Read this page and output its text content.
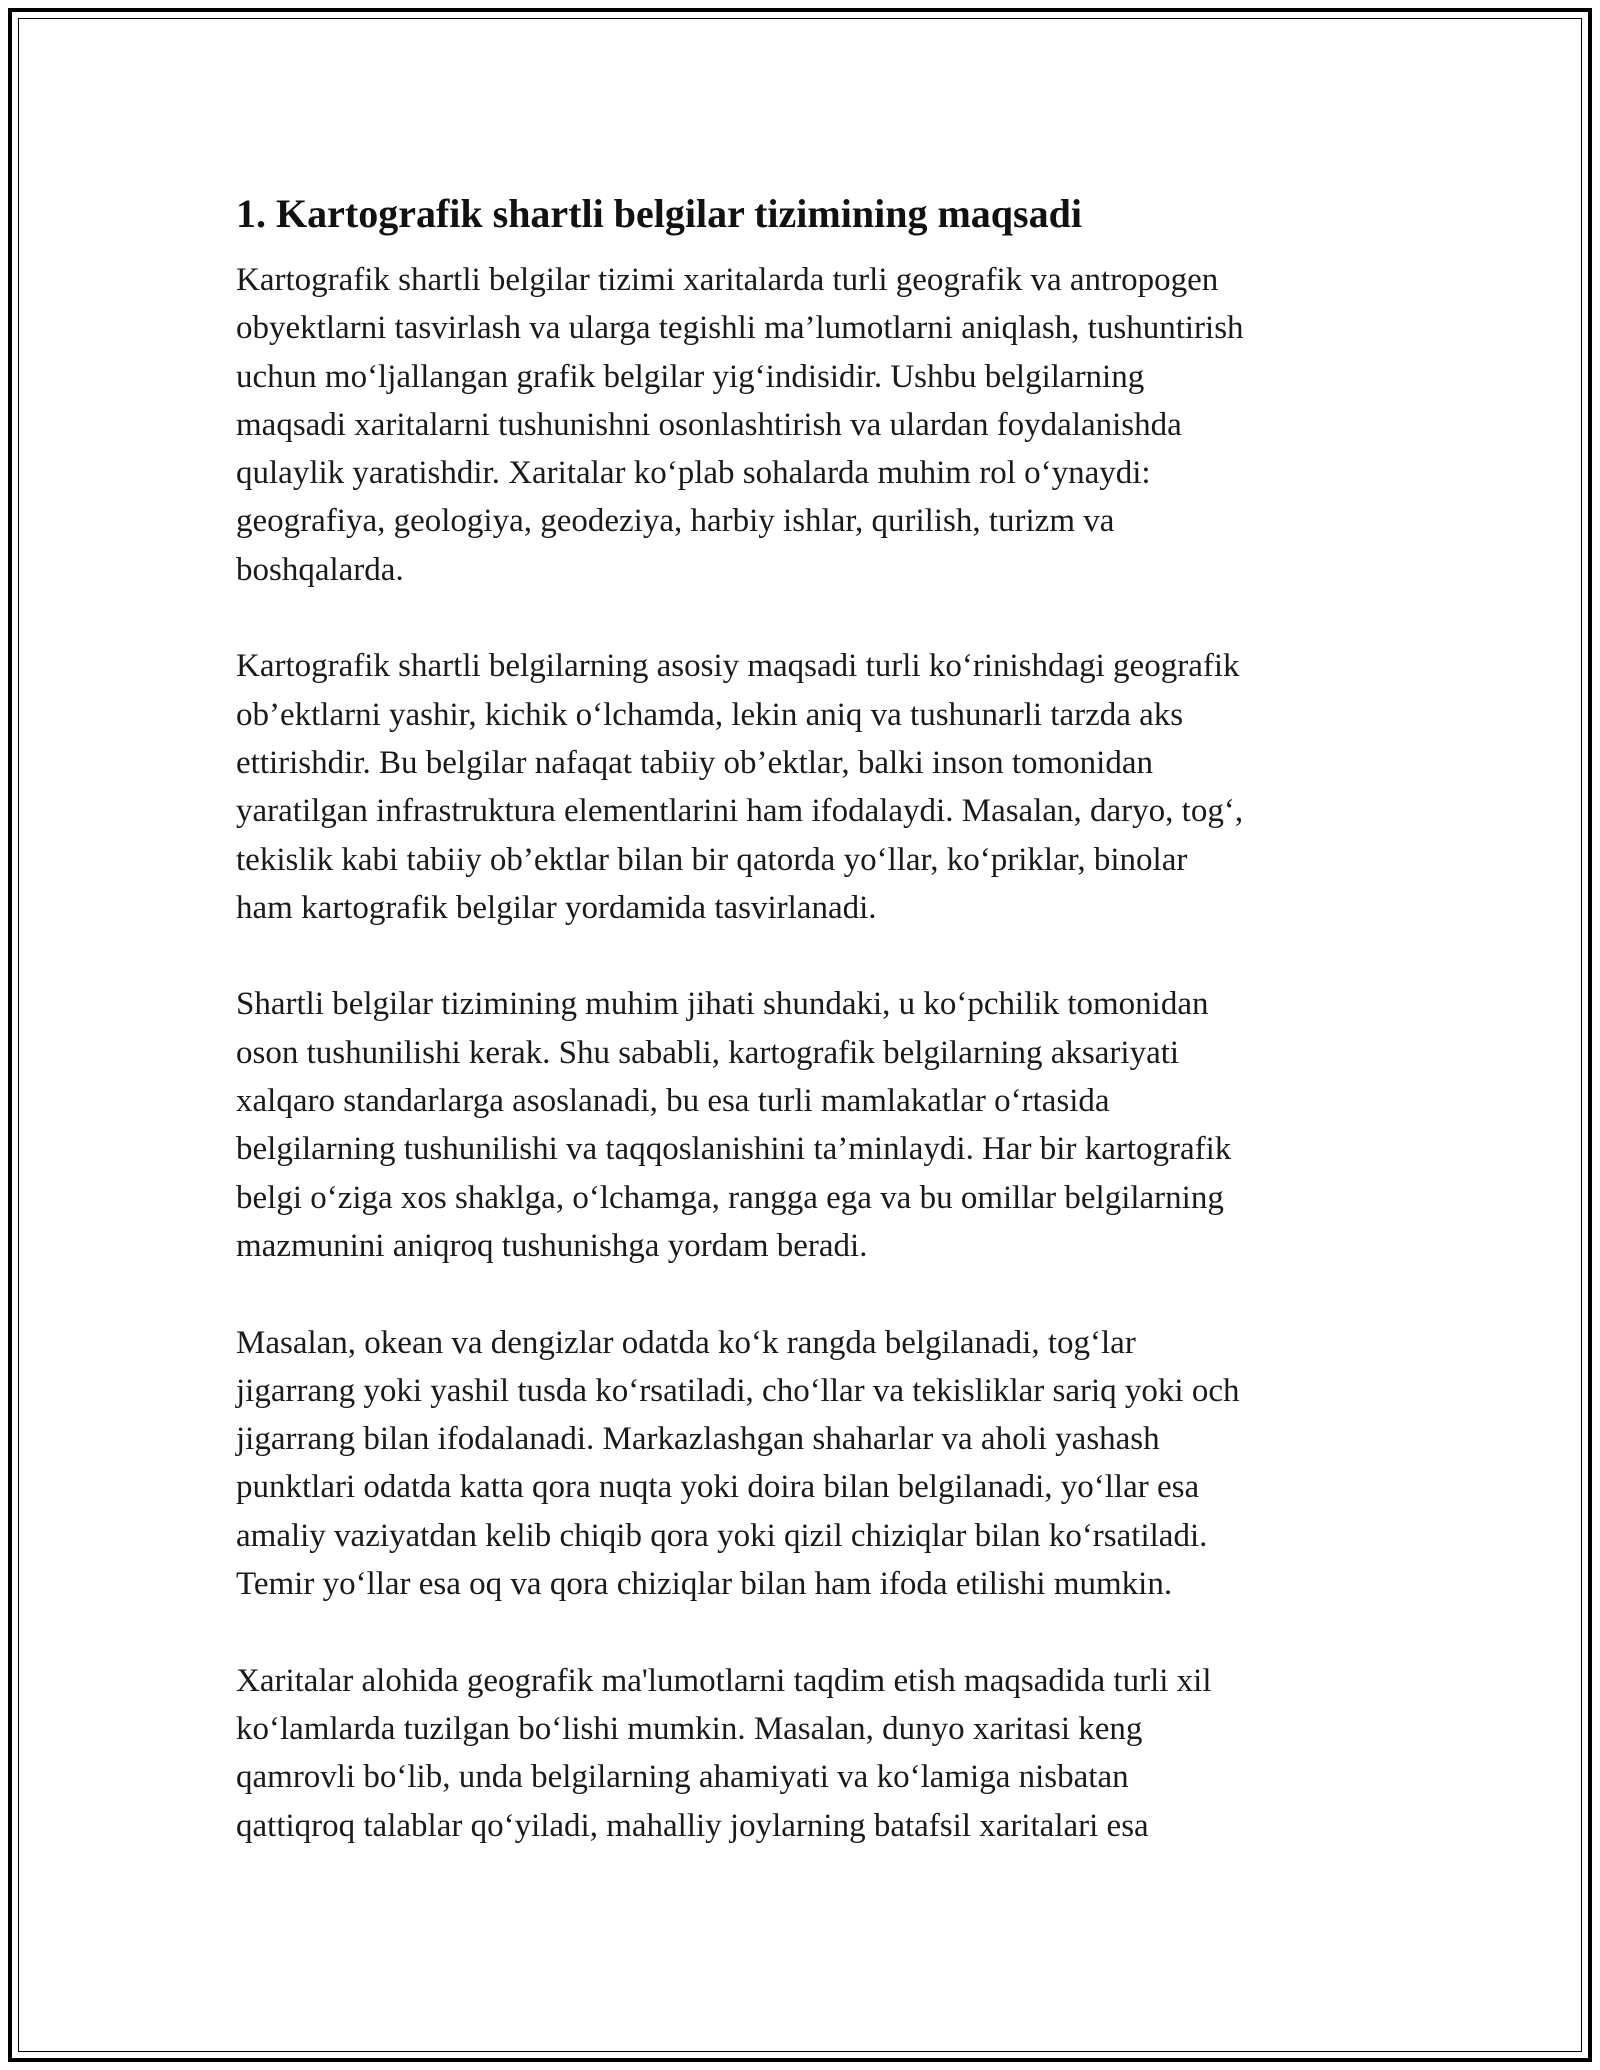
1. Kartografik shartli belgilar tizimining maqsadi

Kartografik shartli belgilar tizimi xaritalarda turli geografik va antropogen
obyektlarni tasvirlash va ularga tegishli ma’lumotlarni aniqlash, tushuntirish
uchun mo‘ljallangan grafik belgilar yig‘indisidir. Ushbu belgilarning
maqsadi xaritalarni tushunishni osonlashtirish va ulardan foydalanishda
qulaylik yaratishdir. Xaritalar ko‘plab sohalarda muhim rol o‘ynaydi:
geografiya, geologiya, geodeziya, harbiy ishlar, qurilish, turizm va
boshqalarda.

Kartografik shartli belgilarning asosiy maqsadi turli ko‘rinishdagi geografik
ob’ektlarni yashir, kichik o‘lchamda, lekin aniq va tushunarli tarzda aks
ettirishdir. Bu belgilar nafaqat tabiiy ob’ektlar, balki inson tomonidan
yaratilgan infrastruktura elementlarini ham ifodalaydi. Masalan, daryo, tog‘,
tekislik kabi tabiiy ob’ektlar bilan bir qatorda yo‘llar, ko‘priklar, binolar
ham kartografik belgilar yordamida tasvirlanadi.

Shartli belgilar tizimining muhim jihati shundaki, u ko‘pchilik tomonidan
oson tushunilishi kerak. Shu sababli, kartografik belgilarning aksariyati
xalqaro standarlarga asoslanadi, bu esa turli mamlakatlar o‘rtasida
belgilarning tushunilishi va taqqoslanishini ta’minlaydi. Har bir kartografik
belgi o‘ziga xos shaklga, o‘lchamga, rangga ega va bu omillar belgilarning
mazmunini aniqroq tushunishga yordam beradi.

Masalan, okean va dengizlar odatda ko‘k rangda belgilanadi, tog‘lar
jigarrang yoki yashil tusda ko‘rsatiladi, cho‘llar va tekisliklar sariq yoki och
jigarrang bilan ifodalanadi. Markazlashgan shaharlar va aholi yashash
punktlari odatda katta qora nuqta yoki doira bilan belgilanadi, yo‘llar esa
amaliy vaziyatdan kelib chiqib qora yoki qizil chiziqlar bilan ko‘rsatiladi.
Temir yo‘llar esa oq va qora chiziqlar bilan ham ifoda etilishi mumkin.

Xaritalar alohida geografik ma'lumotlarni taqdim etish maqsadida turli xil
ko‘lamlarda tuzilgan bo‘lishi mumkin. Masalan, dunyo xaritasi keng
qamrovli bo‘lib, unda belgilarning ahamiyati va ko‘lamiga nisbatan
qattiqroq talablar qo‘yiladi, mahalliy joylarning batafsil xaritalari esa
